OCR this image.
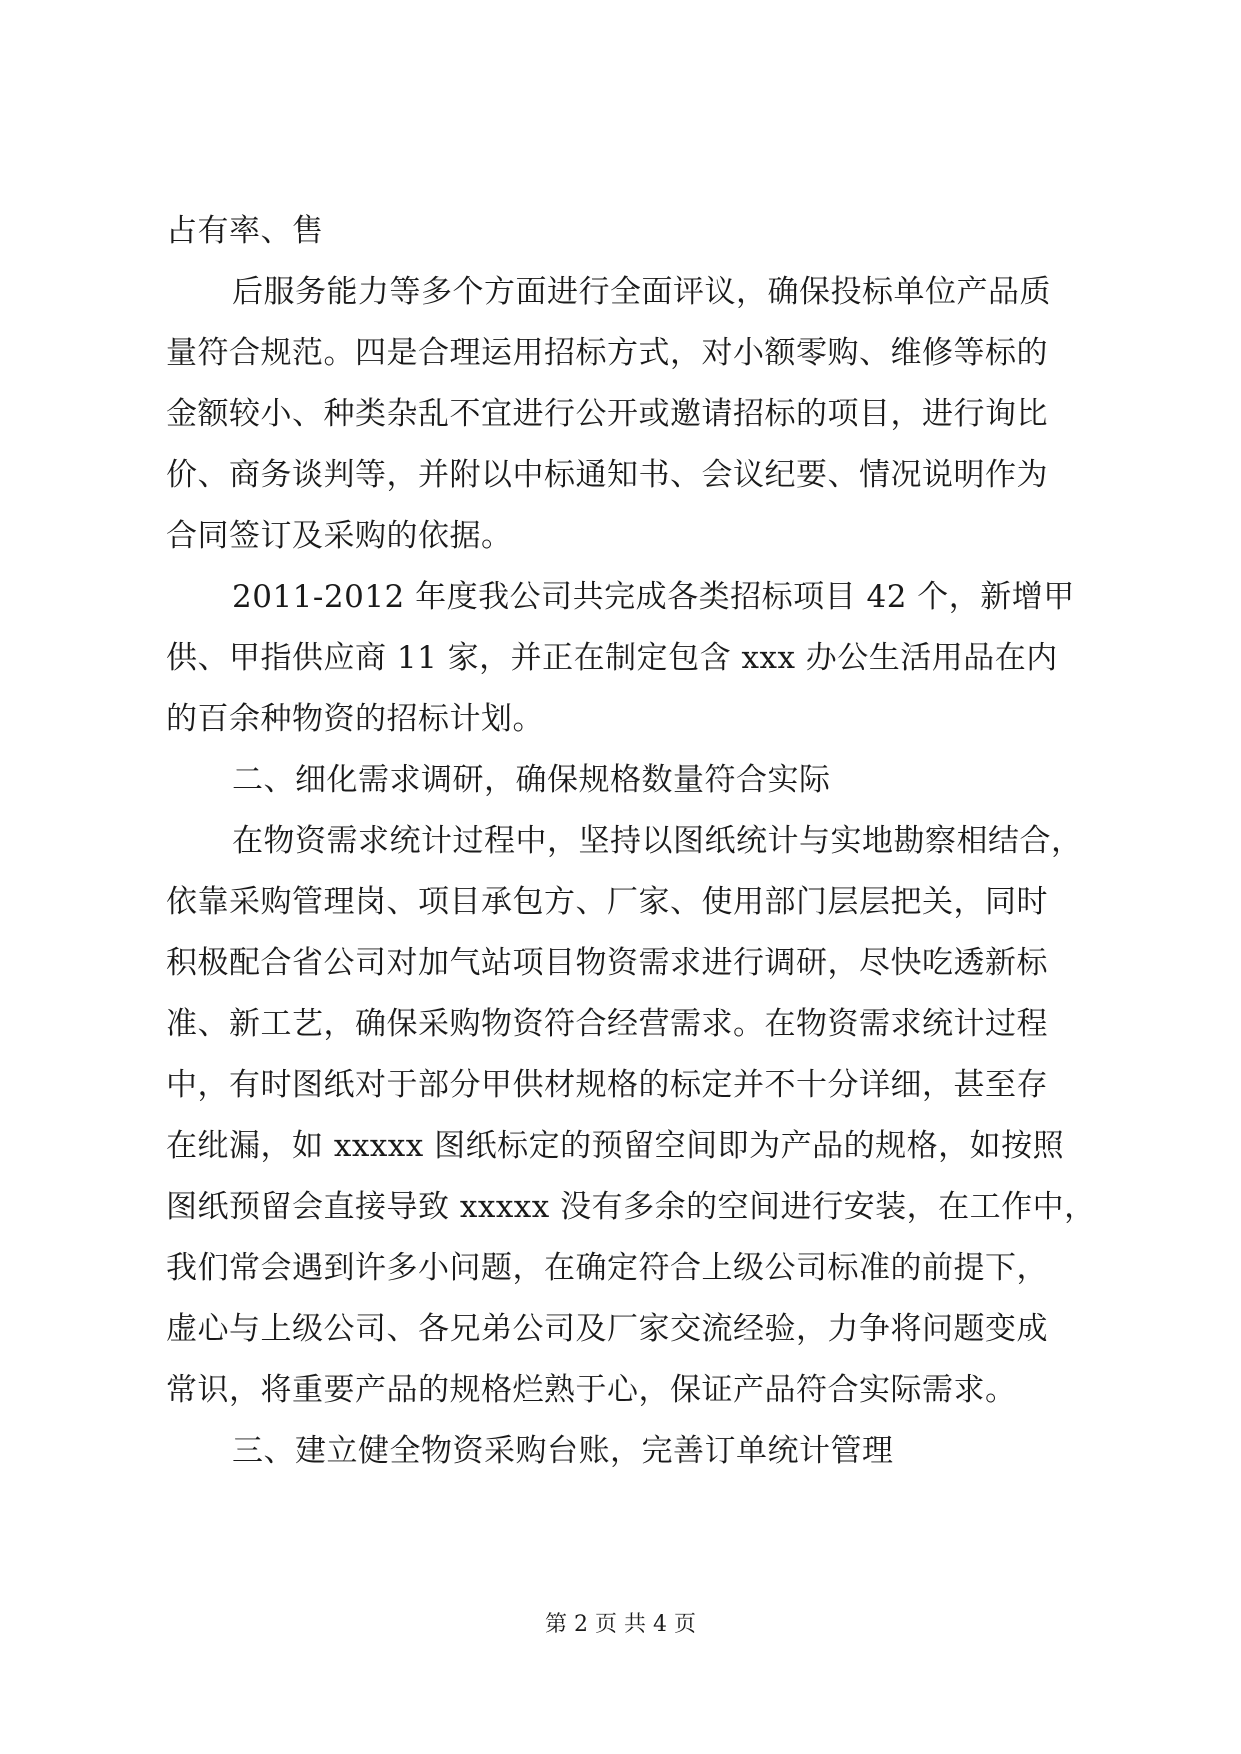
占有率、售
后服务能力等多个方面进行全面评议，确保投标单位产品质
量符合规范。四是合理运用招标方式，对小额零购、维修等标的
金额较小、种类杂乱不宜进行公开或邀请招标的项目，进行询比
价、商务谈判等，并附以中标通知书、会议纪要、情况说明作为
合同签订及采购的依据。
2011-2012 年度我公司共完成各类招标项目 42 个，新增甲
供、甲指供应商 11 家，并正在制定包含 xxx 办公生活用品在内
的百余种物资的招标计划。
二、细化需求调研，确保规格数量符合实际
在物资需求统计过程中，坚持以图纸统计与实地勘察相结合，
依靠采购管理岗、项目承包方、厂家、使用部门层层把关，同时
积极配合省公司对加气站项目物资需求进行调研，尽快吃透新标
准、新工艺，确保采购物资符合经营需求。在物资需求统计过程
中，有时图纸对于部分甲供材规格的标定并不十分详细，甚至存
在纰漏，如 xxxxx 图纸标定的预留空间即为产品的规格，如按照
图纸预留会直接导致 xxxxx 没有多余的空间进行安装，在工作中，
我们常会遇到许多小问题，在确定符合上级公司标准的前提下，
虚心与上级公司、各兄弟公司及厂家交流经验，力争将问题变成
常识，将重要产品的规格烂熟于心，保证产品符合实际需求。
三、建立健全物资采购台账，完善订单统计管理
第 2 页 共 4 页
